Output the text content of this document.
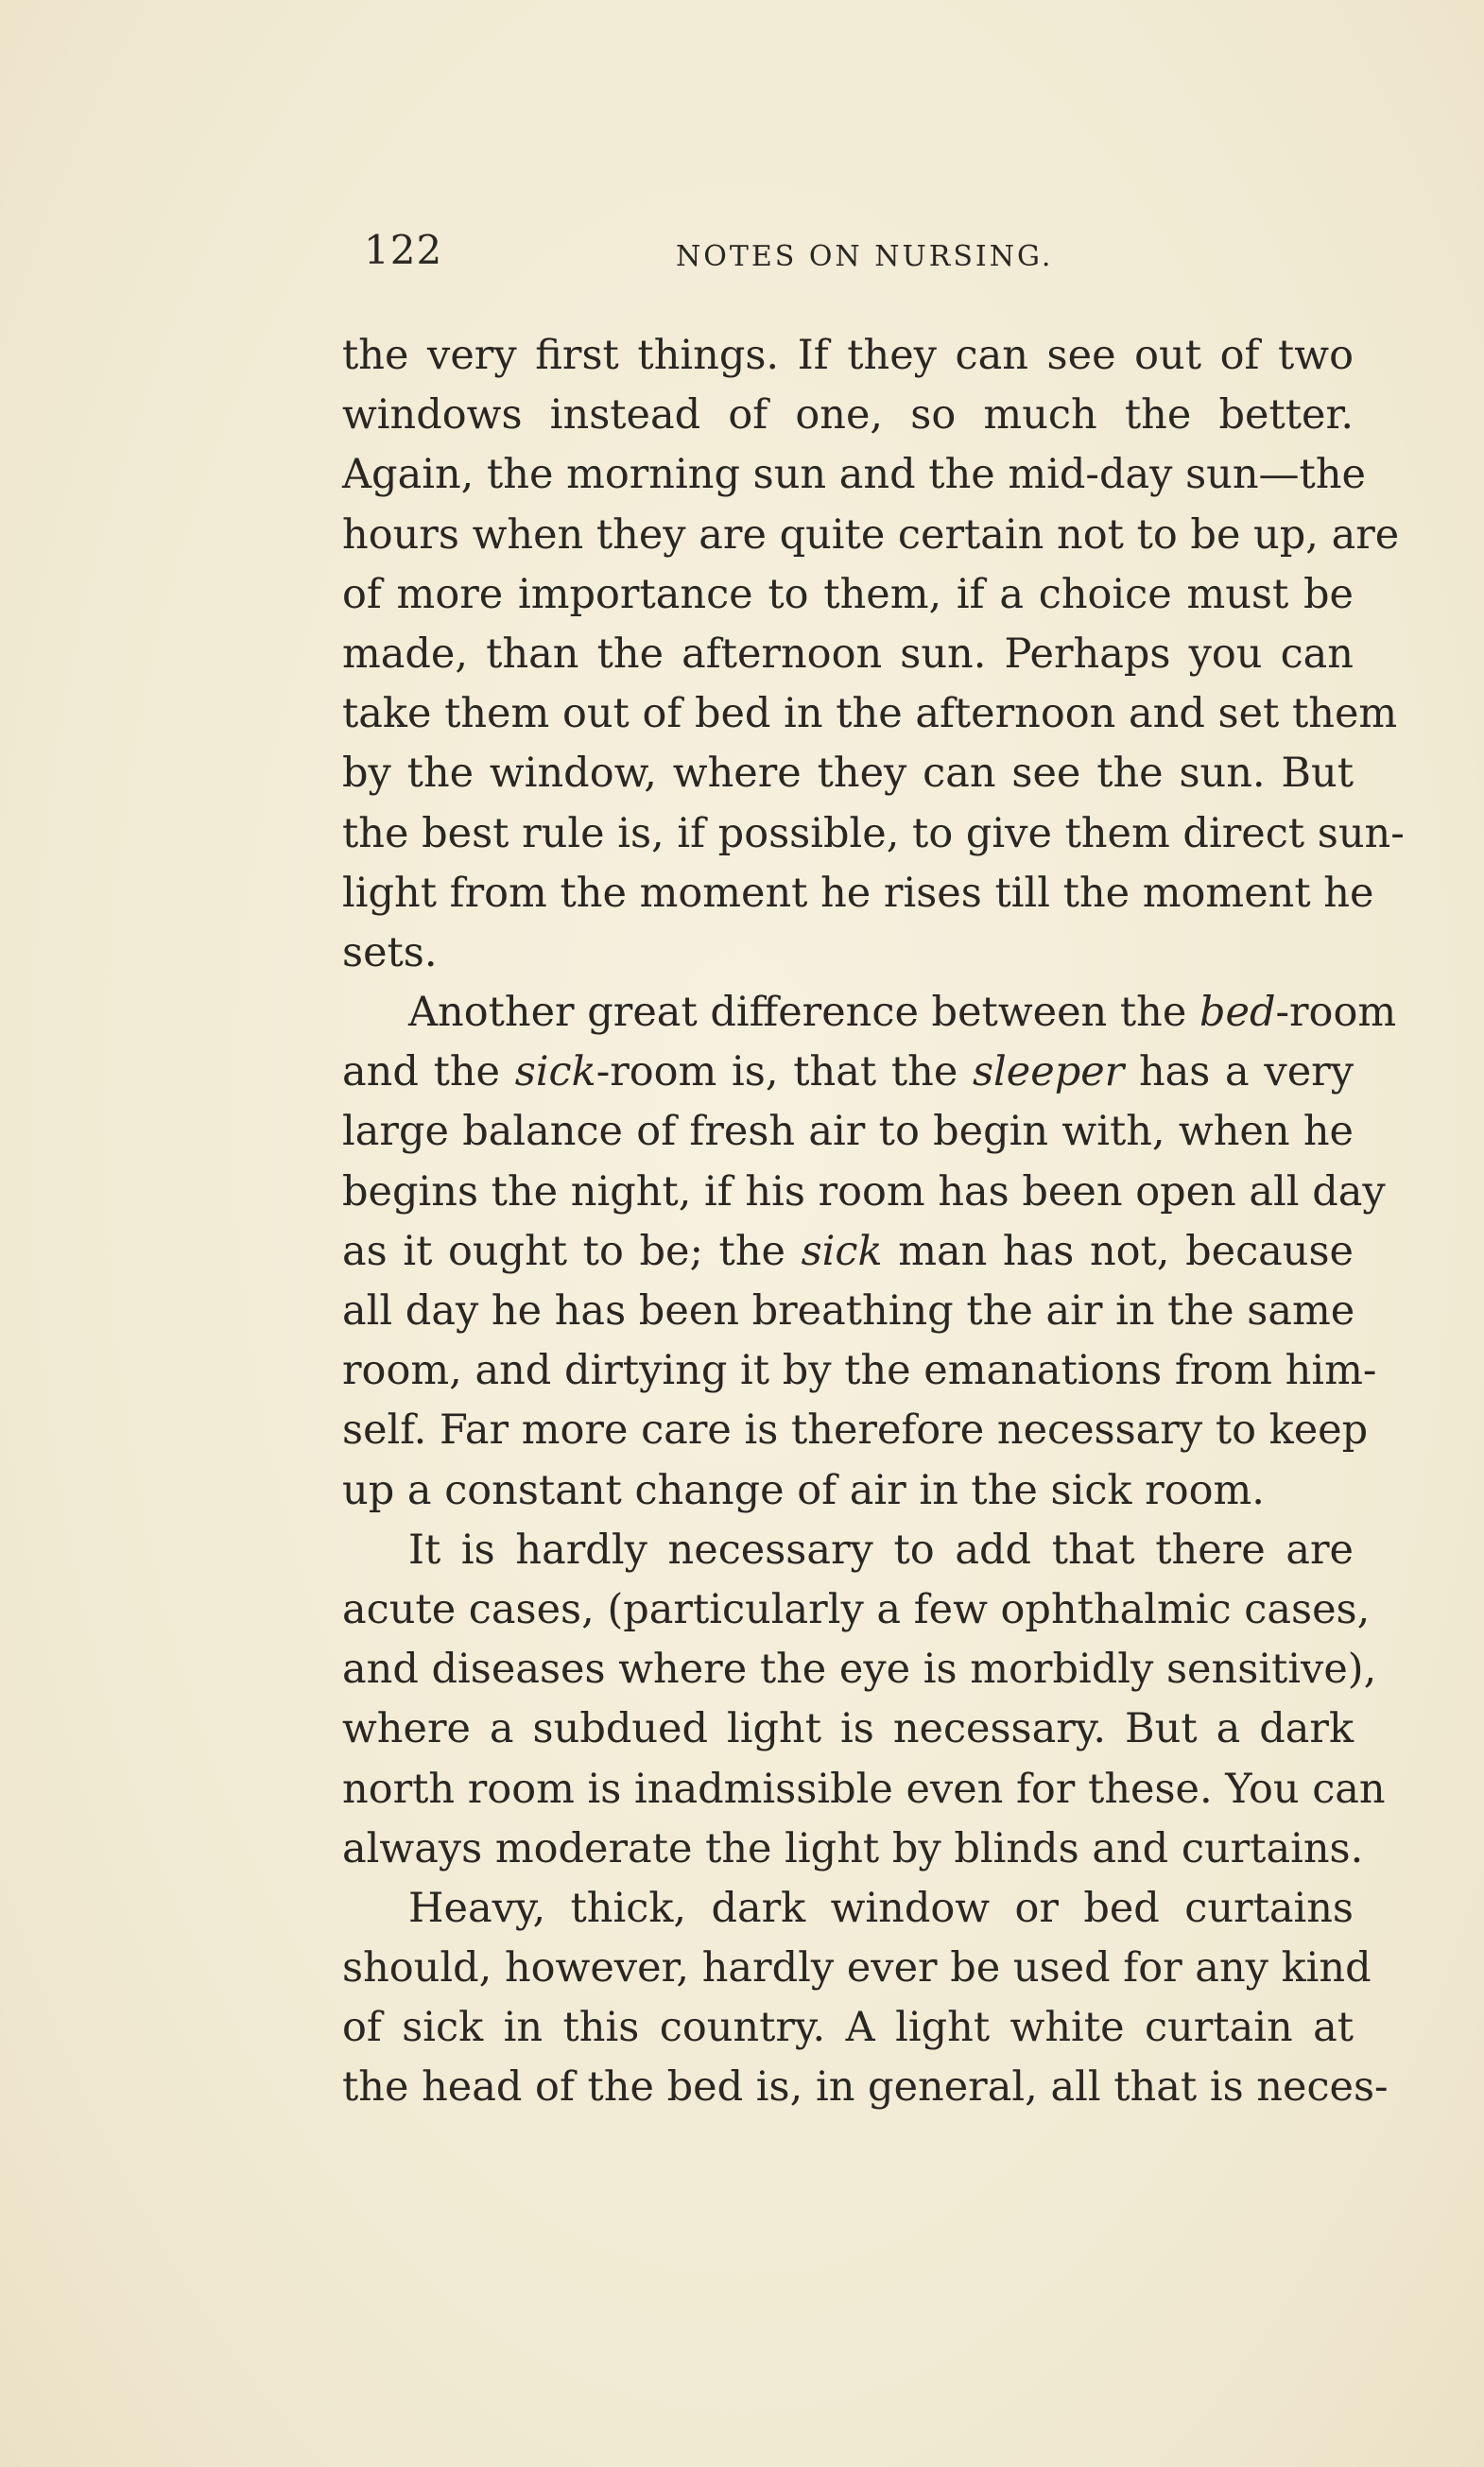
122	NOTES ON NURSING.
the very first things. If they can see out of two
windows instead of one, so much the better.
Again, the morning sun and the mid-day sun—the
hours when they are quite certain not to be up, are
of more importance to them, if a choice must be
made, than the afternoon sun. Perhaps you can
take them out of bed in the afternoon and set them
by the window, where they can see the sun. But
the best rule is, if possible, to give them direct sun-
light from the moment he rises till the moment he
sets.
Another great difference between the bed-room
and the sick-room is, that the sleeper has a very
large balance of fresh air to begin with, when he
begins the night, if his room has been open all day
as it ought to be; the sick man has not, because
all day he has been breathing the air in the same
room, and dirtying it by the emanations from him-
self. Far more care is therefore necessary to keep
up a constant change of air in the sick room.
It is hardly necessary to add that there are
acute cases, (particularly a few ophthalmic cases,
and diseases where the eye is morbidly sensitive),
where a subdued light is necessary. But a dark
north room is inadmissible even for these. You can
always moderate the light by blinds and curtains.
Heavy, thick, dark window or bed curtains
should, however, hardly ever be used for any kind
of sick in this country. A light white curtain at
the head of the bed is, in general, all that is neces-
